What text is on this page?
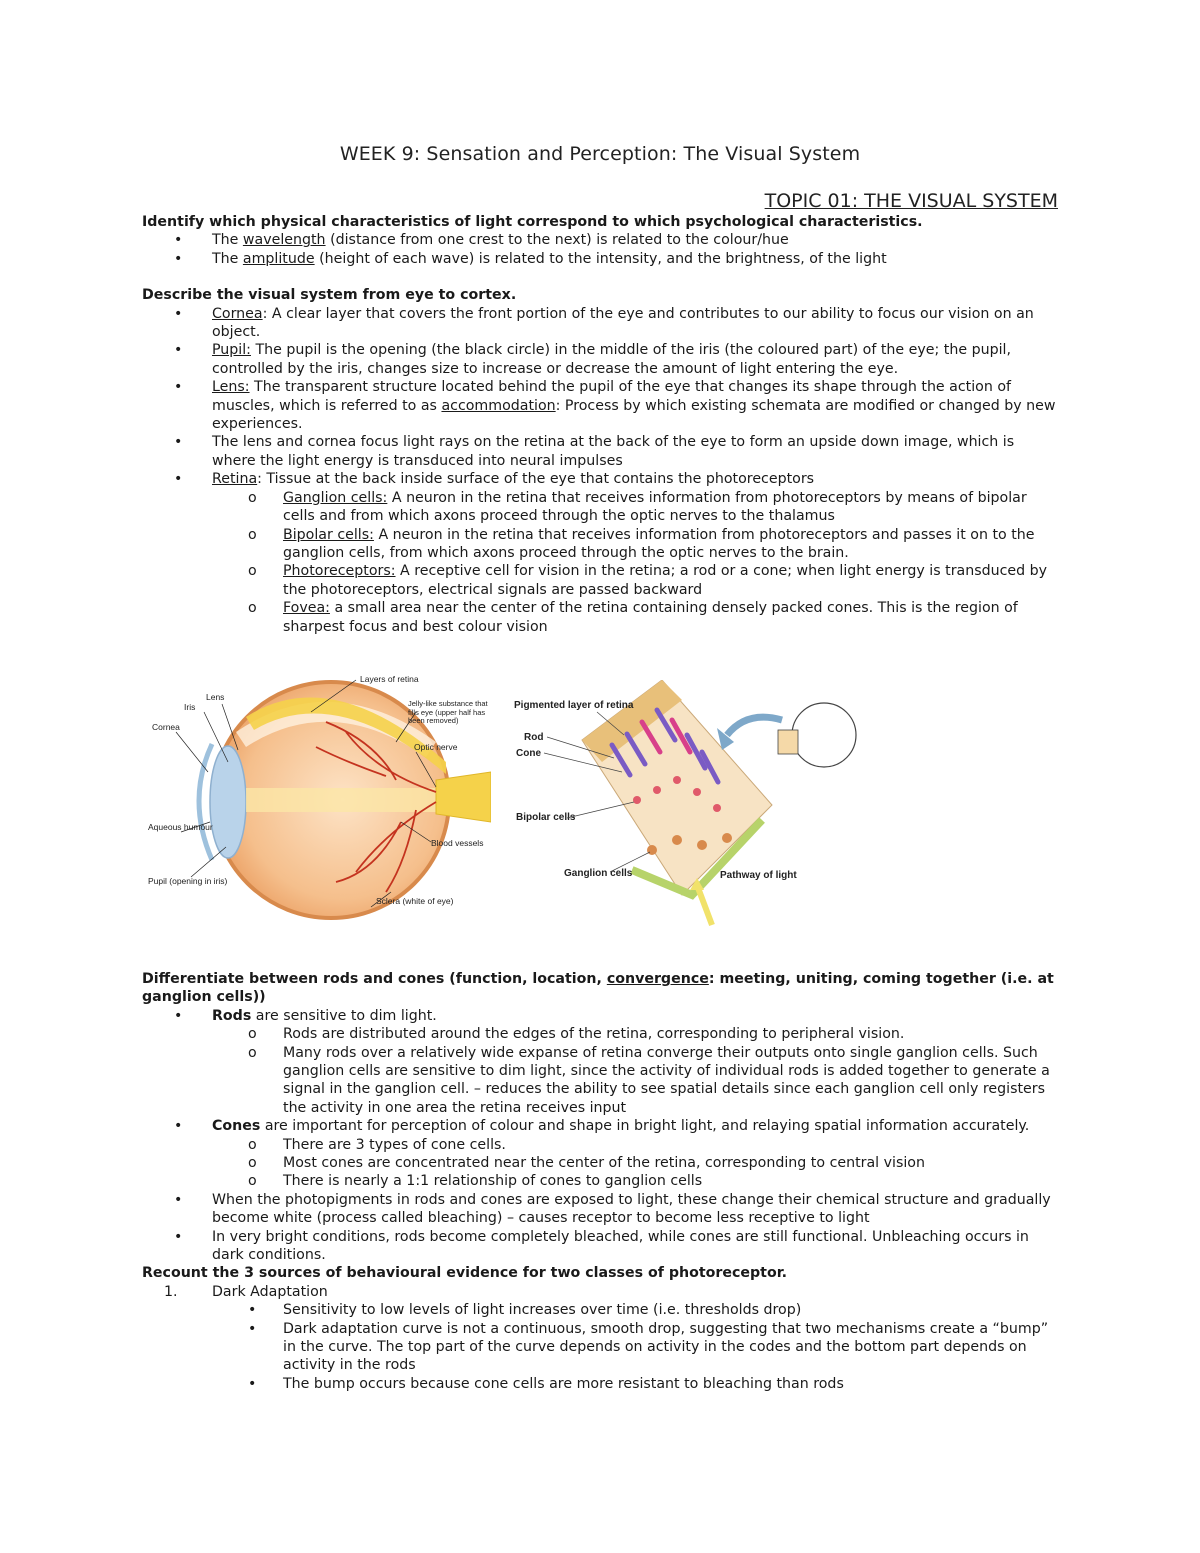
WEEK 9: Sensation and Perception: The Visual System
TOPIC 01: THE VISUAL SYSTEM

Identify which physical characteristics of light correspond to which psychological characteristics.

• The wavelength (distance from one crest to the next) is related to the colour/hue
• The amplitude (height of each wave) is related to the intensity, and the brightness, of the light

Describe the visual system from eye to cortex.

• Cornea: A clear layer that covers the front portion of the eye and contributes to our ability to focus our vision on an object.
• Pupil: The pupil is the opening (the black circle) in the middle of the iris (the coloured part) of the eye; the pupil, controlled by the iris, changes size to increase or decrease the amount of light entering the eye.
• Lens: The transparent structure located behind the pupil of the eye that changes its shape through the action of muscles, which is referred to as accommodation: Process by which existing schemata are modified or changed by new experiences.
• The lens and cornea focus light rays on the retina at the back of the eye to form an upside down image, which is where the light energy is transduced into neural impulses
• Retina: Tissue at the back inside surface of the eye that contains the photoreceptors
o Ganglion cells: A neuron in the retina that receives information from photoreceptors by means of bipolar cells and from which axons proceed through the optic nerves to the thalamus
o Bipolar cells: A neuron in the retina that receives information from photoreceptors and passes it on to the ganglion cells, from which axons proceed through the optic nerves to the brain.
o Photoreceptors: A receptive cell for vision in the retina; a rod or a cone; when light energy is transduced by the photoreceptors, electrical signals are passed backward
o Fovea: a small area near the center of the retina containing densely packed cones. This is the region of sharpest focus and best colour vision
Iris
Lens
Cornea
Aqueous humour
Pupil (opening in iris)
Layers of retina
Jelly-like substance that fills eye (upper half has been removed)
Optic nerve
Blood vessels
Sclera (white of eye)
Pigmented layer of retina
Rod
Cone
Bipolar cells
Ganglion cells	Pathway of light

Differentiate between rods and cones (function, location, convergence: meeting, uniting, coming together (i.e. at ganglion cells))

• Rods are sensitive to dim light.
o Rods are distributed around the edges of the retina, corresponding to peripheral vision.
o Many rods over a relatively wide expanse of retina converge their outputs onto single ganglion cells. Such ganglion cells are sensitive to dim light, since the activity of individual rods is added together to generate a signal in the ganglion cell. – reduces the ability to see spatial details since each ganglion cell only registers the activity in one area the retina receives input
• Cones are important for perception of colour and shape in bright light, and relaying spatial information accurately.
o There are 3 types of cone cells.
o Most cones are concentrated near the center of the retina, corresponding to central vision
o There is nearly a 1:1 relationship of cones to ganglion cells
• When the photopigments in rods and cones are exposed to light, these change their chemical structure and gradually become white (process called bleaching) – causes receptor to become less receptive to light
• In very bright conditions, rods become completely bleached, while cones are still functional. Unbleaching occurs in dark conditions.

Recount the 3 sources of behavioural evidence for two classes of photoreceptor.

1. Dark Adaptation
• Sensitivity to low levels of light increases over time (i.e. thresholds drop)
• Dark adaptation curve is not a continuous, smooth drop, suggesting that two mechanisms create a “bump” in the curve. The top part of the curve depends on activity in the codes and the bottom part depends on activity in the rods
• The bump occurs because cone cells are more resistant to bleaching than rods
